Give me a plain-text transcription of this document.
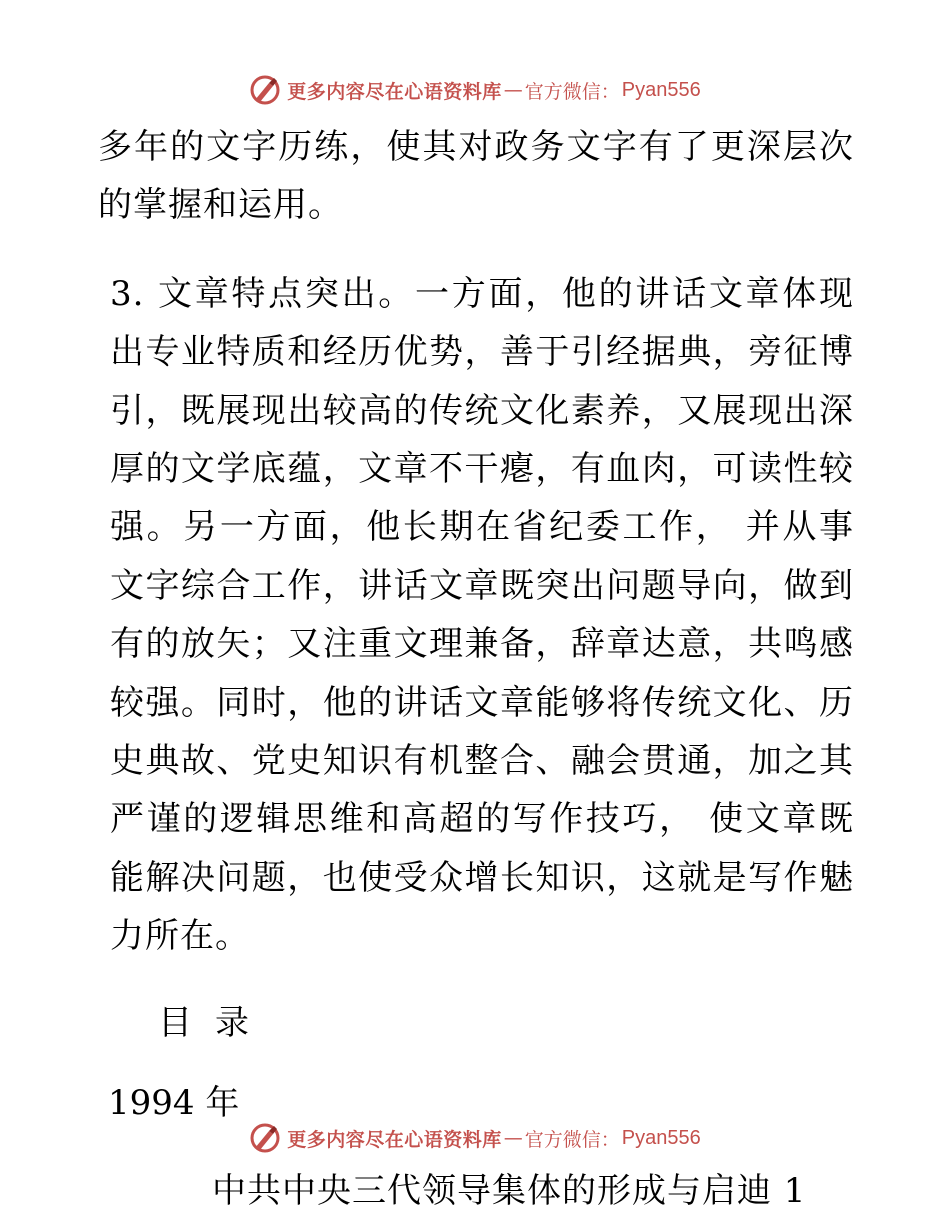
更多内容尽在心语资料库 — 官方微信： Pyan556

多年的文字历练，使其对政务文字有了更深层次的掌握和运用。

3. 文章特点突出。一方面，他的讲话文章体现出专业特质和经历优势，善于引经据典，旁征博引，既展现出较高的传统文化素养，又展现出深厚的文学底蕴，文章不干瘪，有血肉，可读性较强。另一方面，他长期在省纪委工作， 并从事文字综合工作，讲话文章既突出问题导向，做到有的放矢；又注重文理兼备，辞章达意，共鸣感较强。同时，他的讲话文章能够将传统文化、历史典故、党史知识有机整合、融会贯通，加之其严谨的逻辑思维和高超的写作技巧， 使文章既能解决问题，也使受众增长知识，这就是写作魅力所在。

目 录
1994 年
中共中央三代领导集体的形成与启迪 1
更多内容尽在心语资料库 — 官方微信： Pyan556
